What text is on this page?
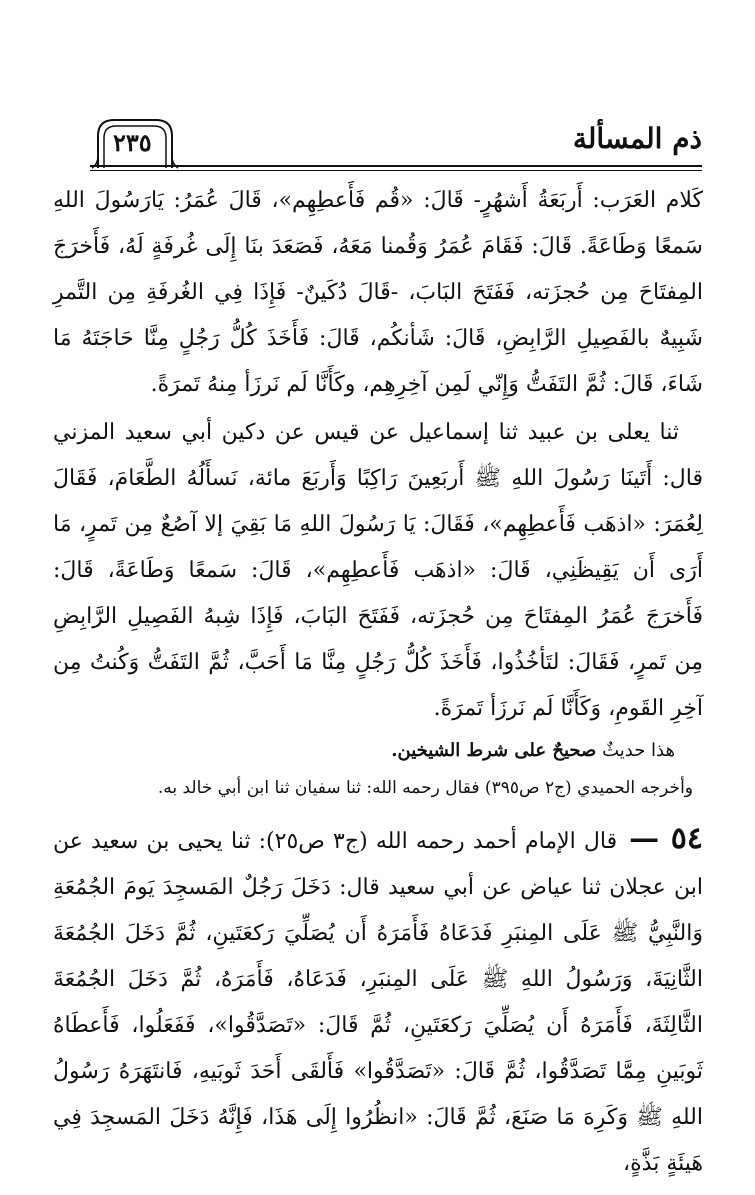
٢٣٥	ذم المسألة

كَلام العَرَب: أَربَعَةُ أَشهُرٍ- قَالَ: «قُم فَأَعطِهِم»، قَالَ عُمَرُ: يَارَسُولَ اللهِ سَمعًا وَطَاعَةً. قَالَ: فَقَامَ عُمَرُ وَقُمنا مَعَهُ، فَصَعَدَ بنَا إِلَى غُرفَةٍ لَهُ، فَأَخرَجَ المِفتَاحَ مِن حُجزَته، فَفَتَحَ البَابَ، -قَالَ دُكَينٌ- فَإِذَا فِي الغُرفَةِ مِن التَّمرِ شَبِيهٌ بالفَصِيلِ الرَّابِضِ، قَالَ: شَأنكُم، قَالَ: فَأَخَذَ كُلُّ رَجُلٍ مِنَّا حَاجَتَهُ مَا شَاءَ، قَالَ: ثُمَّ التَفَتُّ وَإِنّي لَمِن آخِرِهِم، وكَأَنَّا لَم نَرزَأ مِنهُ تَمرَةً.

ثنا يعلى بن عبيد ثنا إسماعيل عن قيس عن دكين أبي سعيد المزني قال: أَتَينَا رَسُولَ اللهِ ﷺ أَربَعِينَ رَاكِبًا وَأَربَعَ مائة، نَسأَلُهُ الطَّعَامَ، فَقَالَ لِعُمَرَ: «اذهَب فَأَعطِهِم»، فَقَالَ: يَا رَسُولَ اللهِ مَا بَقِيَ إلا آصُعٌ مِن تَمرٍ، مَا أَرَى أَن يَقِيظَنِي، قَالَ: «اذهَب فَأَعطِهِم»، قَالَ: سَمعًا وَطَاعَةً، قَالَ: فَأَخرَجَ عُمَرُ المِفتَاحَ مِن حُجزَته، فَفَتَحَ البَابَ، فَإِذَا شِبهُ الفَصِيلِ الرَّابِضِ مِن تَمرٍ، فَقَالَ: لتَأخُذُوا، فَأَخَذَ كُلُّ رَجُلٍ مِنَّا مَا أَحَبَّ، ثُمَّ التَفَتُّ وَكُنتُ مِن آخِرِ القَومِ، وَكَأَنَّا لَم نَرزَأ تَمرَةً.

هذا حديثٌ صحيحٌ على شرط الشيخين.

وأخرجه الحميدي (ج٢ ص٣٩٥) فقال رحمه الله: ثنا سفيان ثنا ابن أبي خالد به.

٥٤ —قال الإمام أحمد رحمه الله (ج٣ ص٢٥): ثنا يحيى بن سعيد عن ابن عجلان ثنا عياض عن أبي سعيد قال: دَخَلَ رَجُلٌ المَسجِدَ يَومَ الجُمُعَةِ وَالنَّبِيُّ ﷺ عَلَى المِنبَرِ فَدَعَاهُ فَأَمَرَهُ أَن يُصَلِّيَ رَكعَتَينِ، ثُمَّ دَخَلَ الجُمُعَةَ الثَّانِيَةَ، وَرَسُولُ اللهِ ﷺ عَلَى المِنبَرِ، فَدَعَاهُ، فَأَمَرَهُ، ثُمَّ دَخَلَ الجُمُعَةَ الثَّالِثَةَ، فَأَمَرَهُ أَن يُصَلِّيَ رَكعَتَينِ، ثُمَّ قَالَ: «تَصَدَّقُوا»، فَفَعَلُوا، فَأَعطَاهُ ثَوبَينِ مِمَّا تَصَدَّقُوا، ثُمَّ قَالَ: «تَصَدَّقُوا» فَأَلقَى أَحَدَ ثَوبَيهِ، فَانتَهَرَهُ رَسُولُ اللهِ ﷺ وَكَرِهَ مَا صَنَعَ، ثُمَّ قَالَ: «انظُرُوا إِلَى هَذَا، فَإِنَّهُ دَخَلَ المَسجِدَ فِي هَيئَةٍ بَذَّةٍ،
